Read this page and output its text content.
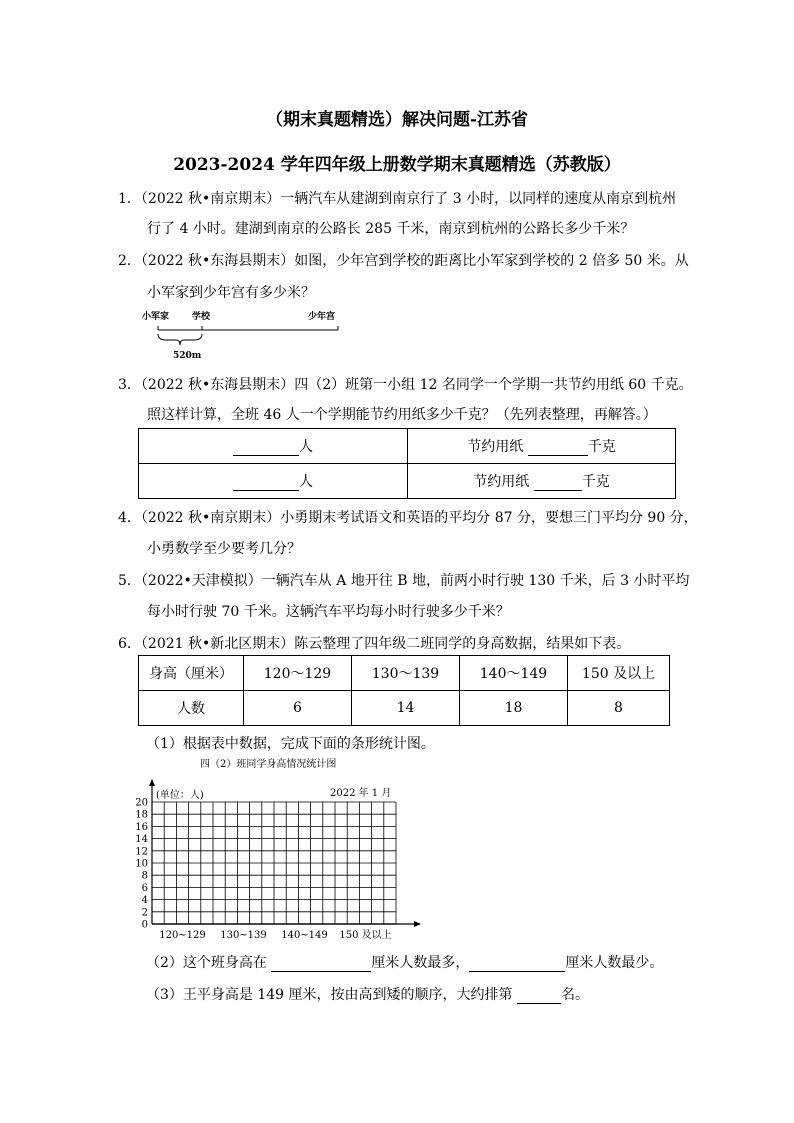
（期末真题精选）解决问题-江苏省
2023-2024 学年四年级上册数学期末真题精选（苏教版）
1．（2022 秋•南京期末）一辆汽车从建湖到南京行了 3 小时，以同样的速度从南京到杭州
行了 4 小时。建湖到南京的公路长 285 千米，南京到杭州的公路长多少千米？
2．（2022 秋•东海县期末）如图，少年宫到学校的距离比小军家到学校的 2 倍多 50 米。从
小军家到少年宫有多少米？
小军家	学校	少年宫
520m
3．（2022 秋•东海县期末）四（2）班第一小组 12 名同学一个学期一共节约用纸 60 千克。
照这样计算，全班 46 人一个学期能节约用纸多少千克？（先列表整理，再解答。）
人	节约用纸 千克
人	节约用纸 千克
4．（2022 秋•南京期末）小勇期末考试语文和英语的平均分 87 分，要想三门平均分 90 分，
小勇数学至少要考几分？
5．（2022•天津模拟）一辆汽车从 A 地开往 B 地，前两小时行驶 130 千米，后 3 小时平均
每小时行驶 70 千米。这辆汽车平均每小时行驶多少千米？
6．（2021 秋•新北区期末）陈云整理了四年级二班同学的身高数据，结果如下表。
身高（厘米）	120～129	130～139	140～149	150 及以上
人数	6	14	18	8
（1）根据表中数据，完成下面的条形统计图。
四（2）班同学身高情况统计图
(单位：人)	2022 年 1 月
0
2
4
6
8
10
12
14
16
18
20
120~129 130~139 140~149 150 及以上
（2）这个班身高在	厘米人数最多，	厘米人数最少。
（3）王平身高是 149 厘米，按由高到矮的顺序，大约排第	名。
